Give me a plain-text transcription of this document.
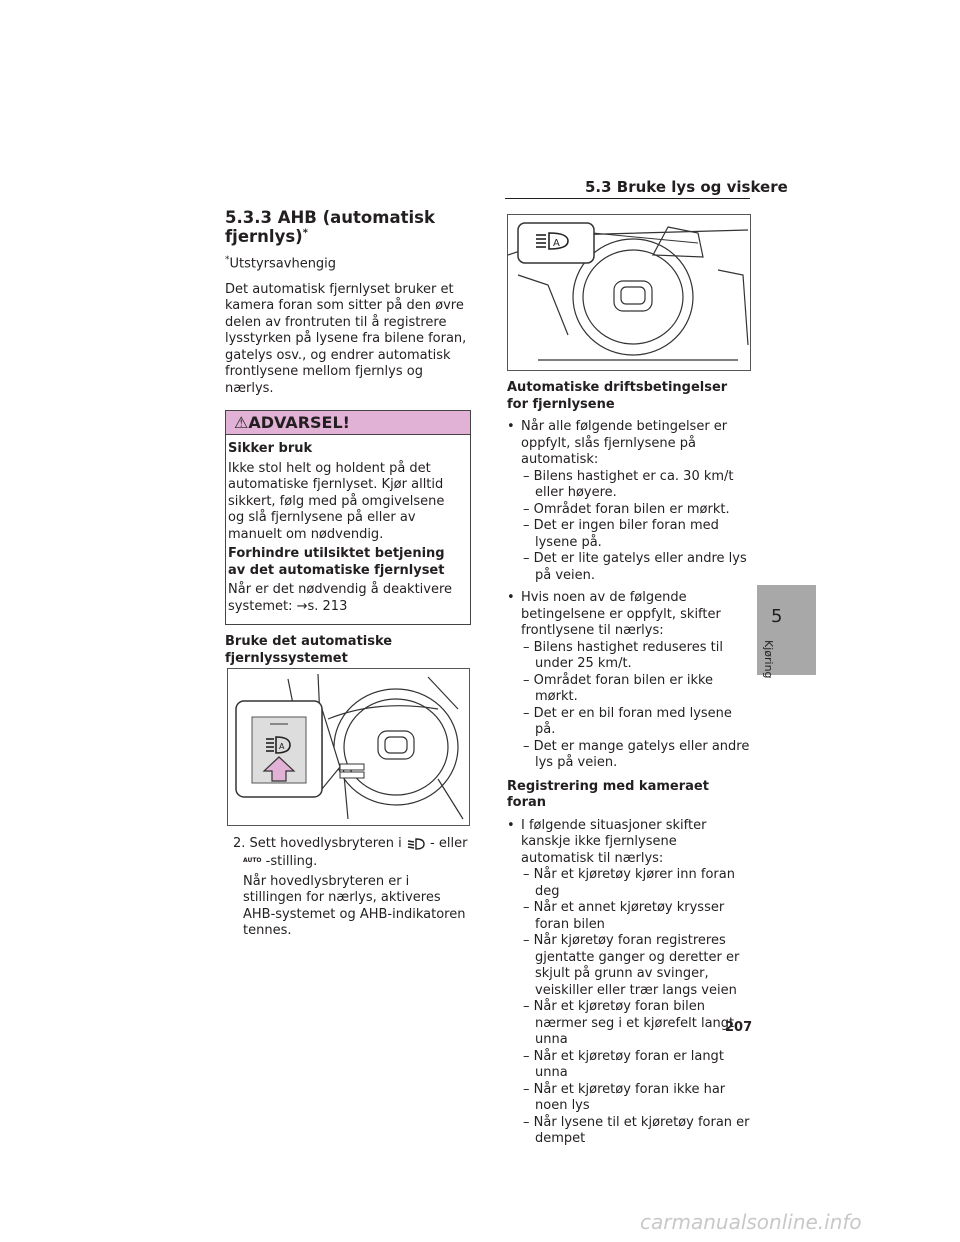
5.3 Bruke lys og viskere
5.3.3 AHB (automatisk fjernlys)*

*Utstyrsavhengig

Det automatisk fjernlyset bruker et kamera foran som sitter på den øvre delen av frontruten til å registrere lysstyrken på lysene fra bilene foran, gatelys osv., og endrer automatisk frontlysene mellom fjernlys og nærlys.

⚠ADVARSEL!

Sikker bruk

Ikke stol helt og holdent på det automatiske fjernlyset. Kjør alltid sikkert, følg med på omgivelsene og slå fjernlysene på eller av manuelt om nødvendig.

Forhindre utilsiktet betjening av det automatiske fjernlyset

Når er det nødvendig å deaktivere systemet: →s. 213

Bruke det automatiske fjernlyssystemet

A

2. Sett hovedlysbryteren i - eller

AUTO -stilling.

Når hovedlysbryteren er i stillingen for nærlys, aktiveres AHB-systemet og AHB-indikatoren tennes.

A

Automatiske driftsbetingelser for fjernlysene

• Når alle følgende betingelser er oppfylt, slås fjernlysene på automatisk:
– Bilens hastighet er ca. 30 km/t eller høyere.
– Området foran bilen er mørkt.
– Det er ingen biler foran med lysene på.
– Det er lite gatelys eller andre lys på veien.
• Hvis noen av de følgende betingelsene er oppfylt, skifter frontlysene til nærlys:
– Bilens hastighet reduseres til under 25 km/t.
– Området foran bilen er ikke mørkt.
– Det er en bil foran med lysene på.
– Det er mange gatelys eller andre lys på veien.

Registrering med kameraet foran

• I følgende situasjoner skifter kanskje ikke fjernlysene automatisk til nærlys:
– Når et kjøretøy kjører inn foran deg
– Når et annet kjøretøy krysser foran bilen
– Når kjøretøy foran registreres gjentatte ganger og deretter er skjult på grunn av svinger, veiskiller eller trær langs veien
– Når et kjøretøy foran bilen nærmer seg i et kjørefelt langt unna
– Når et kjøretøy foran er langt unna
– Når et kjøretøy foran ikke har noen lys
– Når lysene til et kjøretøy foran er dempet
5
Kjøring
207
carmanualsonline.info
